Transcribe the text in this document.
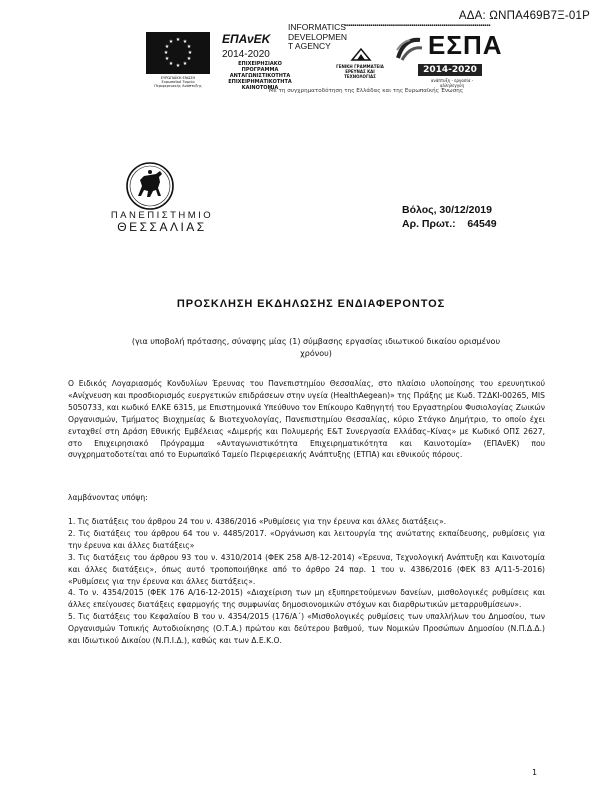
ΑΔΑ: ΩΝΠΑ469Β7Ξ-01Ρ
★ ★
★
★
★
★
★
★
★
★
★
★
ΕΥΡΩΠΑΪΚΗ ΕΝΩΣΗ
Ευρωπαϊκό Ταμείο
Περιφερειακής Ανάπτυξης
ΕΠΑνΕΚ 2014-2020
ΕΠΙΧΕΙΡΗΣΙΑΚΟ ΠΡΟΓΡΑΜΜΑ
ΑΝΤΑΓΩΝΙΣΤΙΚΟΤΗΤΑ
ΕΠΙΧΕΙΡΗΜΑΤΙΚΟΤΗΤΑ
ΚΑΙΝΟΤΟΜΙΑ
INFORMATICS
DEVELOPMEN
T AGENCY
▪▪▪▪▪▪▪▪▪▪▪▪▪▪▪▪▪▪▪▪▪▪▪▪▪▪▪▪▪▪▪▪▪▪▪▪▪▪▪▪▪▪▪▪▪▪▪▪▪▪▪▪▪▪▪▪▪▪▪▪▪▪▪▪▪▪▪▪▪▪▪▪
ΓΕΝΙΚΗ ΓΡΑΜΜΑΤΕΙΑ
ΕΡΕΥΝΑΣ ΚΑΙ ΤΕΧΝΟΛΟΓΙΑΣ
ΕΣΠΑ
2014-2020
ανάπτυξη - εργασία - αλληλεγγύη
Με τη συγχρηματοδότηση της Ελλάδας και της Ευρωπαϊκής Ένωσης
ΠΑΝΕΠΙΣΤΗΜΙΟ
ΘΕΣΣΑΛΙΑΣ
Βόλος, 30/12/2019
Αρ. Πρωτ.:    64549
ΠΡΟΣΚΛΗΣΗ ΕΚΔΗΛΩΣΗΣ ΕΝΔΙΑΦΕΡΟΝΤΟΣ
(για υποβολή πρότασης, σύναψης μίας (1) σύμβασης εργασίας ιδιωτικού δικαίου ορισμένου χρόνου)
Ο Ειδικός Λογαριασμός Κονδυλίων Έρευνας του Πανεπιστημίου Θεσσαλίας, στο πλαίσιο υλοποίησης του ερευνητικού «Ανίχνευση και προσδιορισμός ευεργετικών επιδράσεων στην υγεία (HealthAegean)» της Πράξης με Κωδ. Τ2ΔΚΙ-00265, ΜIS 5050733, και κωδικό ΕΛΚΕ 6315, με Επιστημονικά Υπεύθυνο τον Επίκουρο Καθηγητή του Εργαστηρίου Φυσιολογίας Ζωικών Οργανισμών, Τμήματος Βιοχημείας & Βιοτεχνολογίας, Πανεπιστημίου Θεσσαλίας, κύριο Στάγκο Δημήτριο, το οποίο έχει ενταχθεί στη Δράση Εθνικής Εμβέλειας «Διμερής και Πολυμερής Ε&Τ Συνεργασία Ελλάδας–Κίνας» με Κωδικό ΟΠΣ 2627, στο Επιχειρησιακό Πρόγραμμα «Ανταγωνιστικότητα Επιχειρηματικότητα και Καινοτομία» (ΕΠΑνΕΚ) που συγχρηματοδοτείται από το Ευρωπαϊκό Ταμείο Περιφερειακής Ανάπτυξης (ΕΤΠΑ) και εθνικούς πόρους.
λαμβάνοντας υπόψη:

1. Τις διατάξεις του άρθρου 24 του ν. 4386/2016 «Ρυθμίσεις για την έρευνα και άλλες διατάξεις».

2. Τις διατάξεις του άρθρου 64 του ν. 4485/2017. «Οργάνωση και λειτουργία της ανώτατης εκπαίδευσης, ρυθμίσεις για την έρευνα και άλλες διατάξεις»

3. Τις διατάξεις του άρθρου 93 του ν. 4310/2014 (ΦΕΚ 258 Α/8-12-2014) «Έρευνα, Τεχνολογική Ανάπτυξη και Καινοτομία και άλλες διατάξεις», όπως αυτό τροποποιήθηκε από το άρθρο 24 παρ. 1 του ν. 4386/2016 (ΦΕΚ 83 Α/11-5-2016) «Ρυθμίσεις για την έρευνα και άλλες διατάξεις».

4. Το ν. 4354/2015 (ΦΕΚ 176 Α/16-12-2015) «Διαχείριση των μη εξυπηρετούμενων δανείων, μισθολογικές ρυθμίσεις και άλλες επείγουσες διατάξεις εφαρμογής της συμφωνίας δημοσιονομικών στόχων και διαρθρωτικών μεταρρυθμίσεων».

5. Τις διατάξεις του Κεφαλαίου Β του ν. 4354/2015 (176/Α΄) «Μισθολογικές ρυθμίσεις των υπαλλήλων του Δημοσίου, των Οργανισμών Τοπικής Αυτοδιοίκησης (Ο.Τ.Α.) πρώτου και δεύτερου βαθμού, των Νομικών Προσώπων Δημοσίου (Ν.Π.Δ.Δ.) και Ιδιωτικού Δικαίου (Ν.Π.Ι.Δ.), καθώς και των Δ.Ε.Κ.Ο.

1
